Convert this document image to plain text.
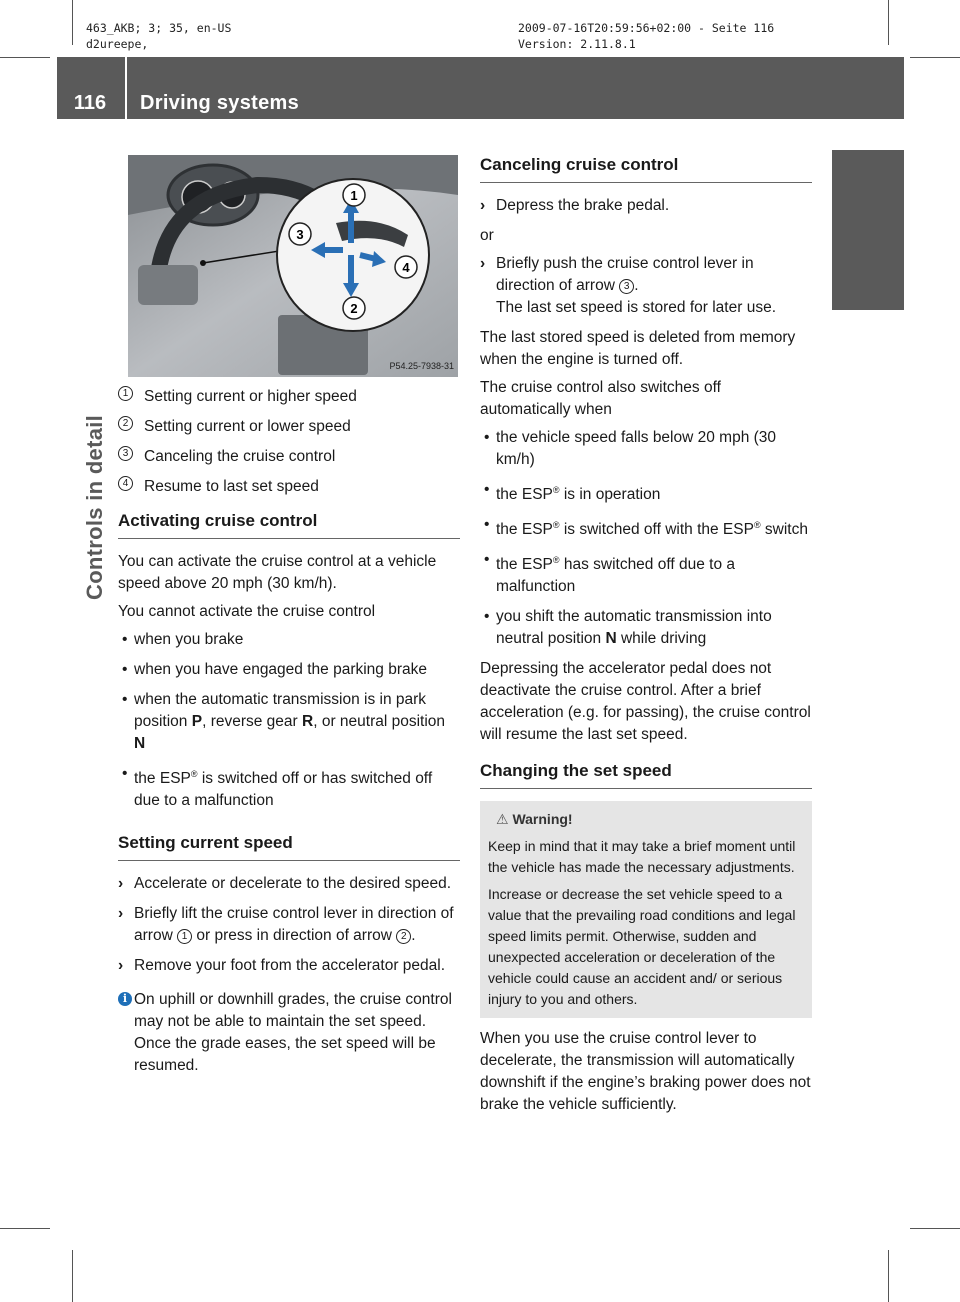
463_AKB; 3; 35, en-US
d2ureepe,
2009-07-16T20:59:56+02:00 - Seite 116
Version: 2.11.8.1
116	Driving systems
Controls in detail
1
2
3
4
P54.25-7938-31
1	Setting current or higher speed
2	Setting current or lower speed
3	Canceling the cruise control
4	Resume to last set speed
Activating cruise control

You can activate the cruise control at a vehicle speed above 20 mph (30 km/h).

You cannot activate the cruise control

• when you brake
• when you have engaged the parking brake
• when the automatic transmission is in park position P, reverse gear R, or neutral position N
• the ESP® is switched off or has switched off due to a malfunction
Setting current speed
› Accelerate or decelerate to the desired speed.
› Briefly lift the cruise control lever in direction of arrow 1 or press in direction of arrow 2 .
› Remove your foot from the accelerator pedal.
i On uphill or downhill grades, the cruise control may not be able to maintain the set speed. Once the grade eases, the set speed will be resumed.
Canceling cruise control
› Depress the brake pedal.

or

› Briefly push the cruise control lever in direction of arrow 3 .
The last set speed is stored for later use.

The last stored speed is deleted from memory when the engine is turned off.

The cruise control also switches off automatically when

• the vehicle speed falls below 20 mph (30 km/h)
• the ESP® is in operation
• the ESP® is switched off with the ESP® switch
• the ESP® has switched off due to a malfunction
• you shift the automatic transmission into neutral position N while driving

Depressing the accelerator pedal does not deactivate the cruise control. After a brief acceleration (e.g. for passing), the cruise control will resume the last set speed.

Changing the set speed
⚠ Warning!

Keep in mind that it may take a brief moment until the vehicle has made the necessary adjustments.

Increase or decrease the set vehicle speed to a value that the prevailing road conditions and legal speed limits permit. Otherwise, sudden and unexpected acceleration or deceleration of the vehicle could cause an accident and/ or serious injury to you and others.

When you use the cruise control lever to decelerate, the transmission will automatically downshift if the engine’s braking power does not brake the vehicle sufficiently.
